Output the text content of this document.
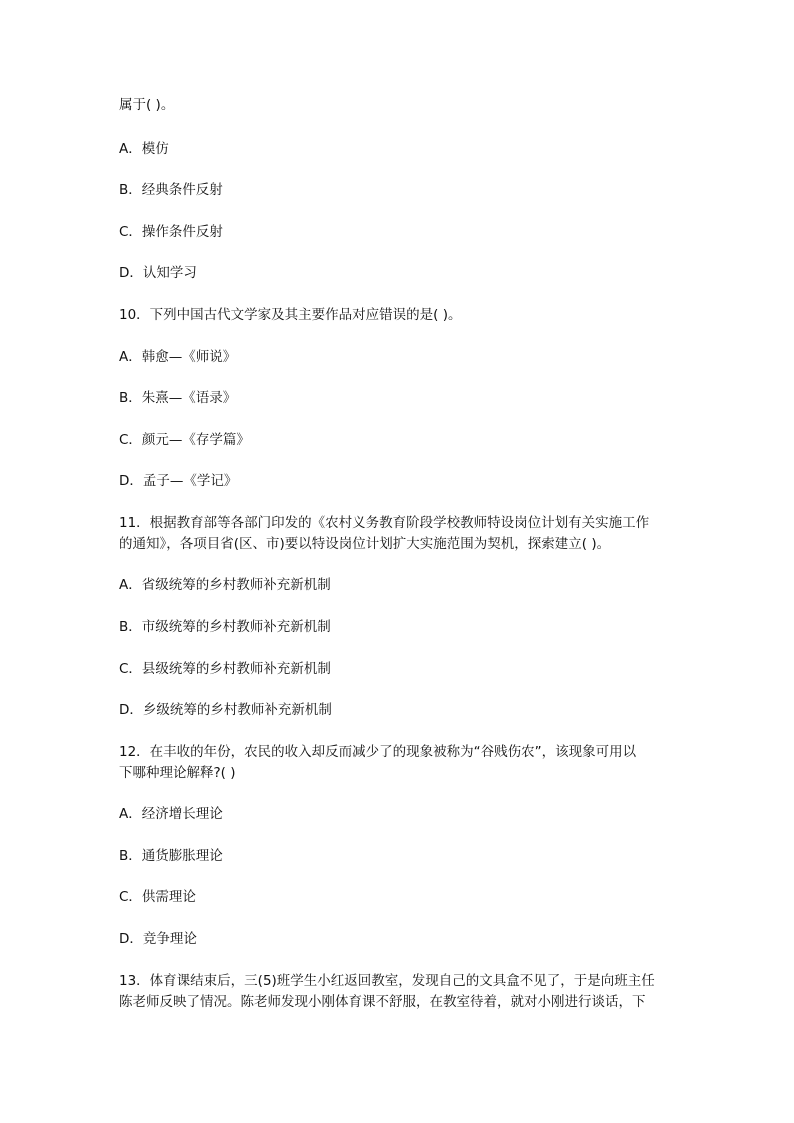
属于( )。
A．模仿
B．经典条件反射
C．操作条件反射
D．认知学习
10．下列中国古代文学家及其主要作品对应错误的是( )。
A．韩愈—《师说》
B．朱熹—《语录》
C．颜元—《存学篇》
D．孟子—《学记》
11．根据教育部等各部门印发的《农村义务教育阶段学校教师特设岗位计划有关实施工作
的通知》，各项目省(区、市)要以特设岗位计划扩大实施范围为契机，探索建立( )。
A．省级统筹的乡村教师补充新机制
B．市级统筹的乡村教师补充新机制
C．县级统筹的乡村教师补充新机制
D．乡级统筹的乡村教师补充新机制
12．在丰收的年份，农民的收入却反而减少了的现象被称为“谷贱伤农”，该现象可用以
下哪种理论解释?( )
A．经济增长理论
B．通货膨胀理论
C．供需理论
D．竞争理论
13．体育课结束后，三(5)班学生小红返回教室，发现自己的文具盒不见了，于是向班主任
陈老师反映了情况。陈老师发现小刚体育课不舒服，在教室待着，就对小刚进行谈话，下
